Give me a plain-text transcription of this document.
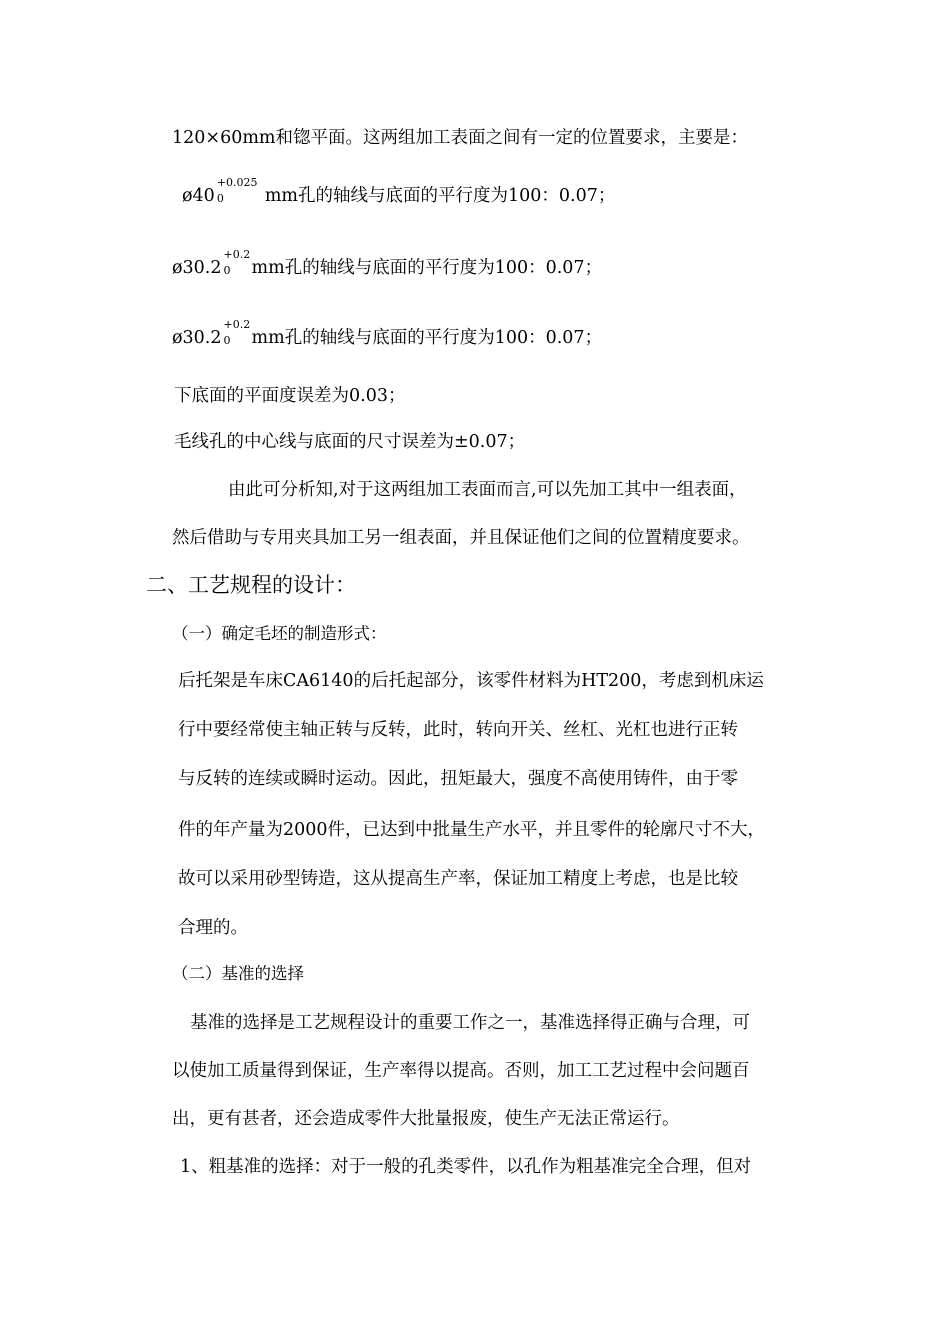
120×60mm和锪平面。这两组加工表面之间有一定的位置要求，主要是：
ø40
+0.025
0 mm孔的轴线与底面的平行度为100：0.07；
ø30.2
+0.2
0 mm孔的轴线与底面的平行度为100：0.07；
ø30.2
+0.2
0 mm孔的轴线与底面的平行度为100：0.07；
下底面的平面度误差为0.03；
毛线孔的中心线与底面的尺寸误差为±0.07；
由此可分析知,对于这两组加工表面而言,可以先加工其中一组表面，
然后借助与专用夹具加工另一组表面，并且保证他们之间的位置精度要求。
二、工艺规程的设计：
（一）确定毛坯的制造形式：
后托架是车床CA6140的后托起部分，该零件材料为HT200，考虑到机床运
行中要经常使主轴正转与反转，此时，转向开关、丝杠、光杠也进行正转
与反转的连续或瞬时运动。因此，扭矩最大，强度不高使用铸件，由于零
件的年产量为2000件，已达到中批量生产水平，并且零件的轮廓尺寸不大，
故可以采用砂型铸造，这从提高生产率，保证加工精度上考虑，也是比较
合理的。
（二）基准的选择
基准的选择是工艺规程设计的重要工作之一，基准选择得正确与合理，可
以使加工质量得到保证，生产率得以提高。否则，加工工艺过程中会问题百
出，更有甚者，还会造成零件大批量报废，使生产无法正常运行。
1、粗基准的选择：对于一般的孔类零件，以孔作为粗基准完全合理，但对
